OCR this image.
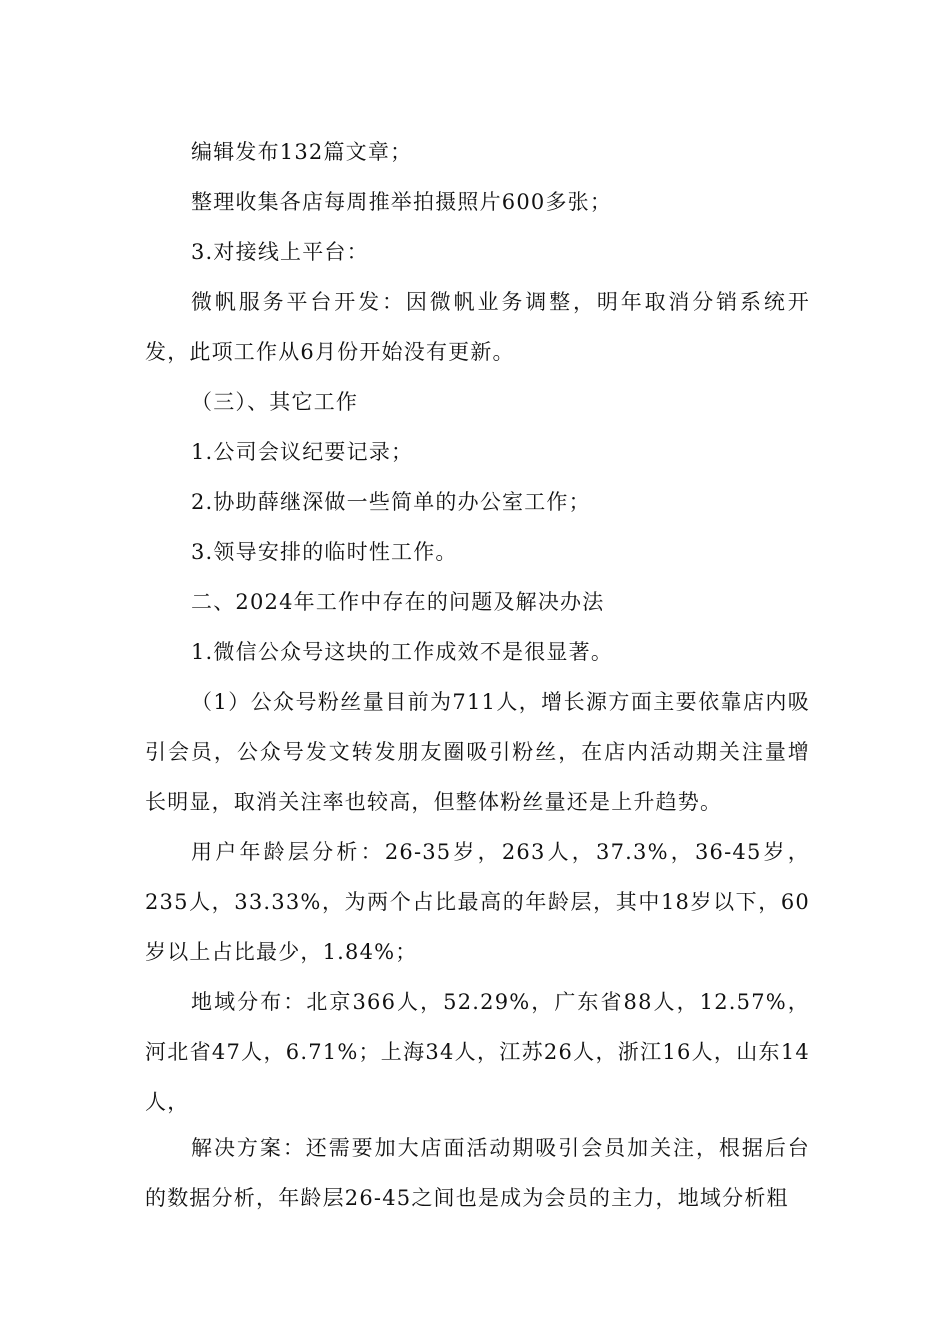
编辑发布132篇文章；

整理收集各店每周推举拍摄照片600多张；

3.对接线上平台：

微帆服务平台开发：因微帆业务调整，明年取消分销系统开发，此项工作从6月份开始没有更新。

（三）、其它工作

1.公司会议纪要记录；

2.协助薛继深做一些简单的办公室工作；

3.领导安排的临时性工作。

二、2024年工作中存在的问题及解决办法

1.微信公众号这块的工作成效不是很显著。

（1）公众号粉丝量目前为711人，增长源方面主要依靠店内吸引会员，公众号发文转发朋友圈吸引粉丝，在店内活动期关注量增长明显，取消关注率也较高，但整体粉丝量还是上升趋势。

用户年龄层分析：26-35岁，263人，37.3%，36-45岁，235人，33.33%，为两个占比最高的年龄层，其中18岁以下，60岁以上占比最少，1.84%；

地域分布：北京366人，52.29%，广东省88人，12.57%，河北省47人，6.71%；上海34人，江苏26人，浙江16人，山东14人，

解决方案：还需要加大店面活动期吸引会员加关注，根据后台的数据分析，年龄层26-45之间也是成为会员的主力，地域分析粗
